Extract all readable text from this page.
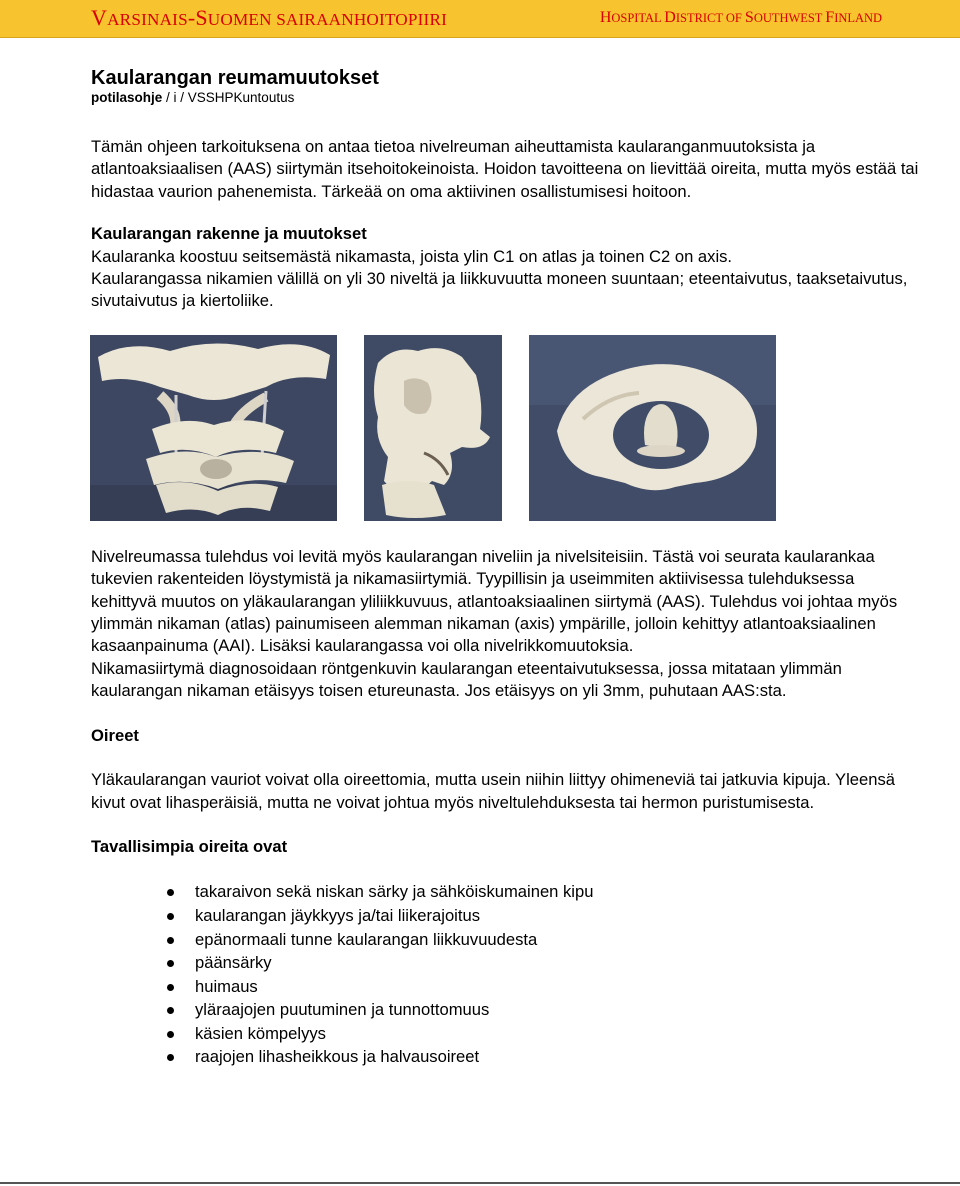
VARSINAIS-SUOMEN SAIRAANHOITOPIIRI	HOSPITAL DISTRICT OF SOUTHWEST FINLAND
Kaularangan reumamuutokset

potilasohje / i / VSSHPKuntoutus

Tämän ohjeen tarkoituksena on antaa tietoa nivelreuman aiheuttamista kaularanganmuutoksista ja atlantoaksiaalisen (AAS) siirtymän itsehoitokeinoista. Hoidon tavoitteena on lievittää oireita, mutta myös estää tai hidastaa vaurion pahenemista. Tärkeää on oma aktiivinen osallistumisesi hoitoon.

Kaularangan rakenne ja muutokset

Kaularanka koostuu seitsemästä nikamasta, joista ylin C1 on atlas ja toinen C2 on axis.

Kaularangassa nikamien välillä on yli 30 niveltä ja liikkuvuutta moneen suuntaan; eteentaivutus, taaksetaivutus, sivutaivutus ja kiertoliike.

Nivelreumassa tulehdus voi levitä myös kaularangan niveliin ja nivelsiteisiin. Tästä voi seurata kaularankaa tukevien rakenteiden löystymistä ja nikamasiirtymiä. Tyypillisin ja useimmiten aktiivisessa tulehduksessa kehittyvä muutos on yläkaularangan yliliikkuvuus, atlantoaksiaalinen siirtymä (AAS). Tulehdus voi johtaa myös ylimmän nikaman (atlas) painumiseen alemman nikaman (axis) ympärille, jolloin kehittyy atlantoaksiaalinen kasaanpainuma (AAI). Lisäksi kaularangassa voi olla nivelrikkomuutoksia.

Nikamasiirtymä diagnosoidaan röntgenkuvin kaularangan eteentaivutuksessa, jossa mitataan ylimmän kaularangan nikaman etäisyys toisen etureunasta. Jos etäisyys on yli 3mm, puhutaan AAS:sta.

Oireet

Yläkaularangan vauriot voivat olla oireettomia, mutta usein niihin liittyy ohimeneviä tai jatkuvia kipuja. Yleensä kivut ovat lihasperäisiä, mutta ne voivat johtua myös niveltulehduksesta tai hermon puristumisesta.

Tavallisimpia oireita ovat

takaraivon sekä niskan särky ja sähköiskumainen kipu
kaularangan jäykkyys ja/tai liikerajoitus
epänormaali tunne kaularangan liikkuvuudesta
päänsärky
huimaus
yläraajojen puutuminen ja tunnottomuus
käsien kömpelyys
raajojen lihasheikkous ja halvausoireet
